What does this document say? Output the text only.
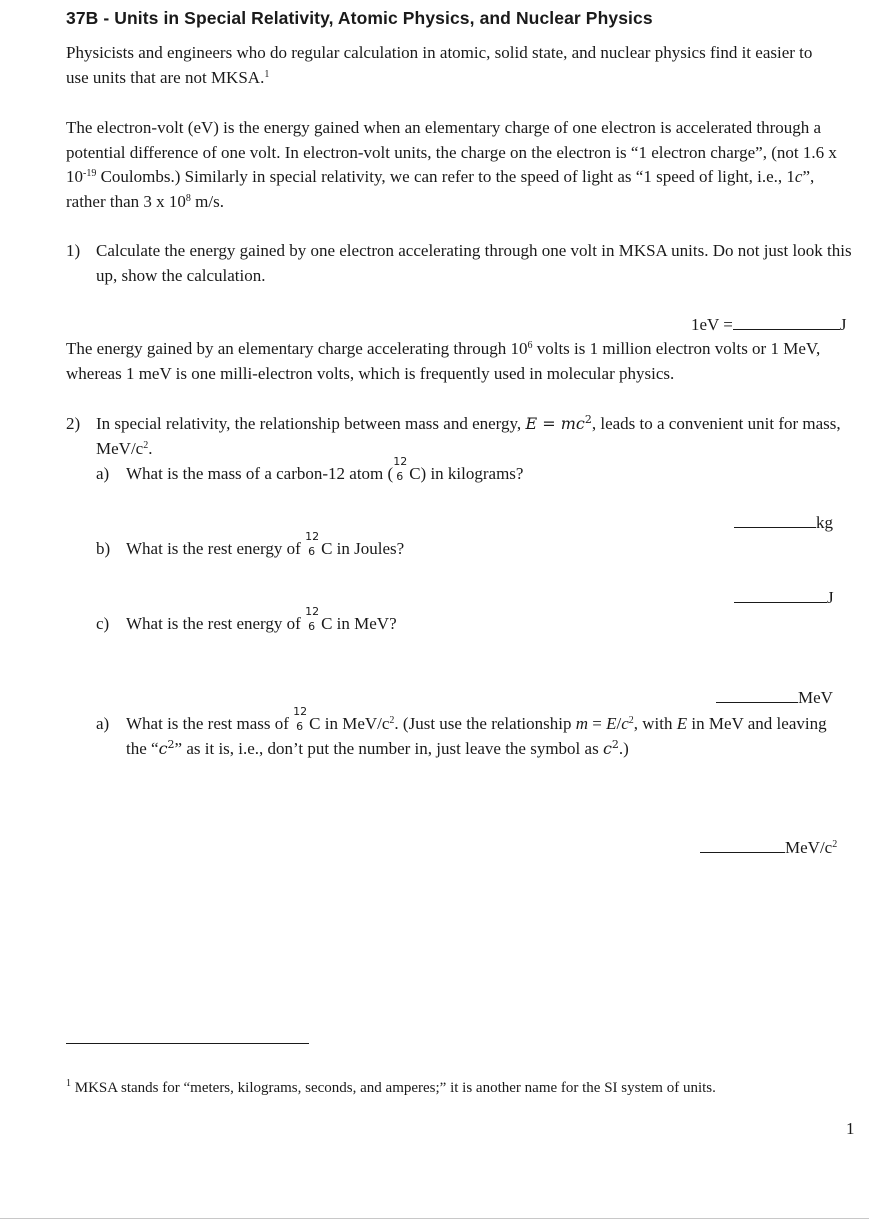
37B - Units in Special Relativity, Atomic Physics, and Nuclear Physics
Physicists and engineers who do regular calculation in atomic, solid state, and nuclear physics find it easier to use units that are not MKSA.$^1$
The electron-volt (eV) is the energy gained when an elementary charge of one electron is accelerated through a potential difference of one volt. In electron-volt units, the charge on the electron is “1 electron charge”, (not 1.6 x $10^{-19}$ Coulombs.) Similarly in special relativity, we can refer to the speed of light as “1 speed of light, i.e., 1c”, rather than 3 x $10^8$ m/s.
1) Calculate the energy gained by one electron accelerating through one volt in MKSA units. Do not just look this up, show the calculation.
1eV =	J
The energy gained by an elementary charge accelerating through $10^6$ volts is 1 million electron volts or 1 MeV, whereas 1 meV is one milli-electron volts, which is frequently used in molecular physics.
2) In special relativity, the relationship between mass and energy, $E = mc^2$, leads to a convenient unit for mass, MeV/$c^2$.
a) What is the mass of a carbon-12 atom (
12
6 C) in kilograms?
kg
b) What is the rest energy of
12
6 C in Joules?
J
c) What is the rest energy of
12
6 C in MeV?
MeV
a) What is the rest mass of
12
6 C in MeV/$c^2$. (Just use the relationship $m = E/c^2$, with E in MeV and leaving the “$c^2$” as it is, i.e., don’t put the number in, just leave the symbol as $c^2$.)
MeV/$c^2$
$^1$ MKSA stands for “meters, kilograms, seconds, and amperes;” it is another name for the SI system of units.
1
